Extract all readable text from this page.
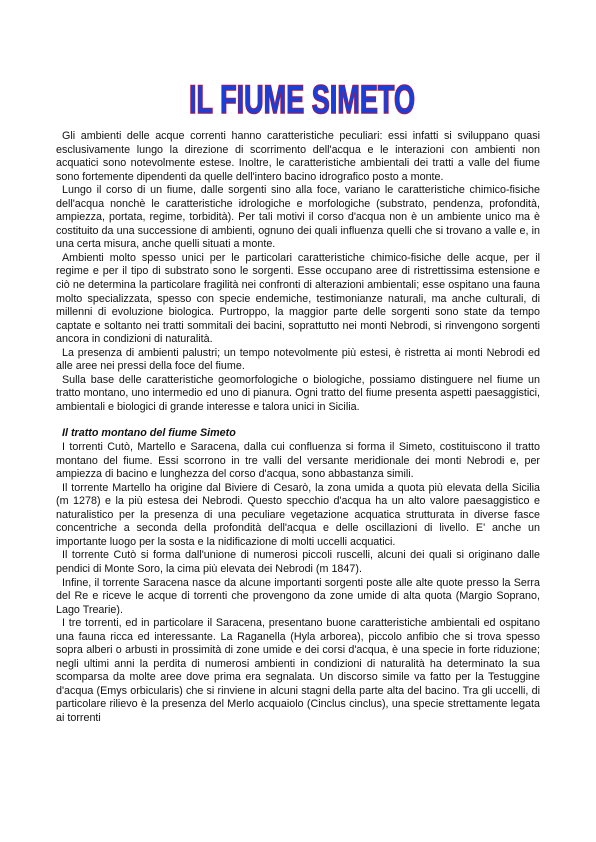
IL FIUME SIMETO

Gli ambienti delle acque correnti hanno caratteristiche peculiari: essi infatti si sviluppano quasi esclusivamente lungo la direzione di scorrimento dell'acqua e le interazioni con ambienti non acquatici sono notevolmente estese. Inoltre, le caratteristiche ambientali dei tratti a valle del fiume sono fortemente dipendenti da quelle dell'intero bacino idrografico posto a monte.

Lungo il corso di un fiume, dalle sorgenti sino alla foce, variano le caratteristiche chimico-fisiche dell'acqua nonchè le caratteristiche idrologiche e morfologiche (substrato, pendenza, profondità, ampiezza, portata, regime, torbidità). Per tali motivi il corso d'acqua non è un ambiente unico ma è costituito da una successione di ambienti, ognuno dei quali influenza quelli che si trovano a valle e, in una certa misura, anche quelli situati a monte.

Ambienti molto spesso unici per le particolari caratteristiche chimico-fisiche delle acque, per il regime e per il tipo di substrato sono le sorgenti. Esse occupano aree di ristrettissima estensione e ciò ne determina la particolare fragilità nei confronti di alterazioni ambientali; esse ospitano una fauna molto specializzata, spesso con specie endemiche, testimonianze naturali, ma anche culturali, di millenni di evoluzione biologica. Purtroppo, la maggior parte delle sorgenti sono state da tempo captate e soltanto nei tratti sommitali dei bacini, soprattutto nei monti Nebrodi, si rinvengono sorgenti ancora in condizioni di naturalità.

La presenza di ambienti palustri; un tempo notevolmente più estesi, è ristretta ai monti Nebrodi ed alle aree nei pressi della foce del fiume.

Sulla base delle caratteristiche geomorfologiche o biologiche, possiamo distinguere nel fiume un tratto montano, uno intermedio ed uno di pianura. Ogni tratto del fiume presenta aspetti paesaggistici, ambientali e biologici di grande interesse e talora unici in Sicilia.

Il tratto montano del fiume Simeto

I torrenti Cutò, Martello e Saracena, dalla cui confluenza si forma il Simeto, costituiscono il tratto montano del fiume. Essi scorrono in tre valli del versante meridionale dei monti Nebrodi e, per ampiezza di bacino e lunghezza del corso d'acqua, sono abbastanza simili.

Il torrente Martello ha origine dal Biviere di Cesarò, la zona umida a quota più elevata della Sicilia (m 1278) e la più estesa dei Nebrodi. Questo specchio d'acqua ha un alto valore paesaggistico e naturalistico per la presenza di una peculiare vegetazione acquatica strutturata in diverse fasce concentriche a seconda della profondità dell'acqua e delle oscillazioni di livello. E' anche un importante luogo per la sosta e la nidificazione di molti uccelli acquatici.

Il torrente Cutò si forma dall'unione di numerosi piccoli ruscelli, alcuni dei quali si originano dalle pendici di Monte Soro, la cima più elevata dei Nebrodi (m 1847).

Infine, il torrente Saracena nasce da alcune importanti sorgenti poste alle alte quote presso la Serra del Re e riceve le acque di torrenti che provengono da zone umide di alta quota (Margio Soprano, Lago Trearie).

I tre torrenti, ed in particolare il Saracena, presentano buone caratteristiche ambientali ed ospitano una fauna ricca ed interessante. La Raganella (Hyla arborea), piccolo anfibio che si trova spesso sopra alberi o arbusti in prossimità di zone umide e dei corsi d'acqua, è una specie in forte riduzione; negli ultimi anni la perdita di numerosi ambienti in condizioni di naturalità ha determinato la sua scomparsa da molte aree dove prima era segnalata. Un discorso simile va fatto per la Testuggine d'acqua (Emys orbicularis) che si rinviene in alcuni stagni della parte alta del bacino. Tra gli uccelli, di particolare rilievo è la presenza del Merlo acquaiolo (Cinclus cinclus), una specie strettamente legata ai torrenti
